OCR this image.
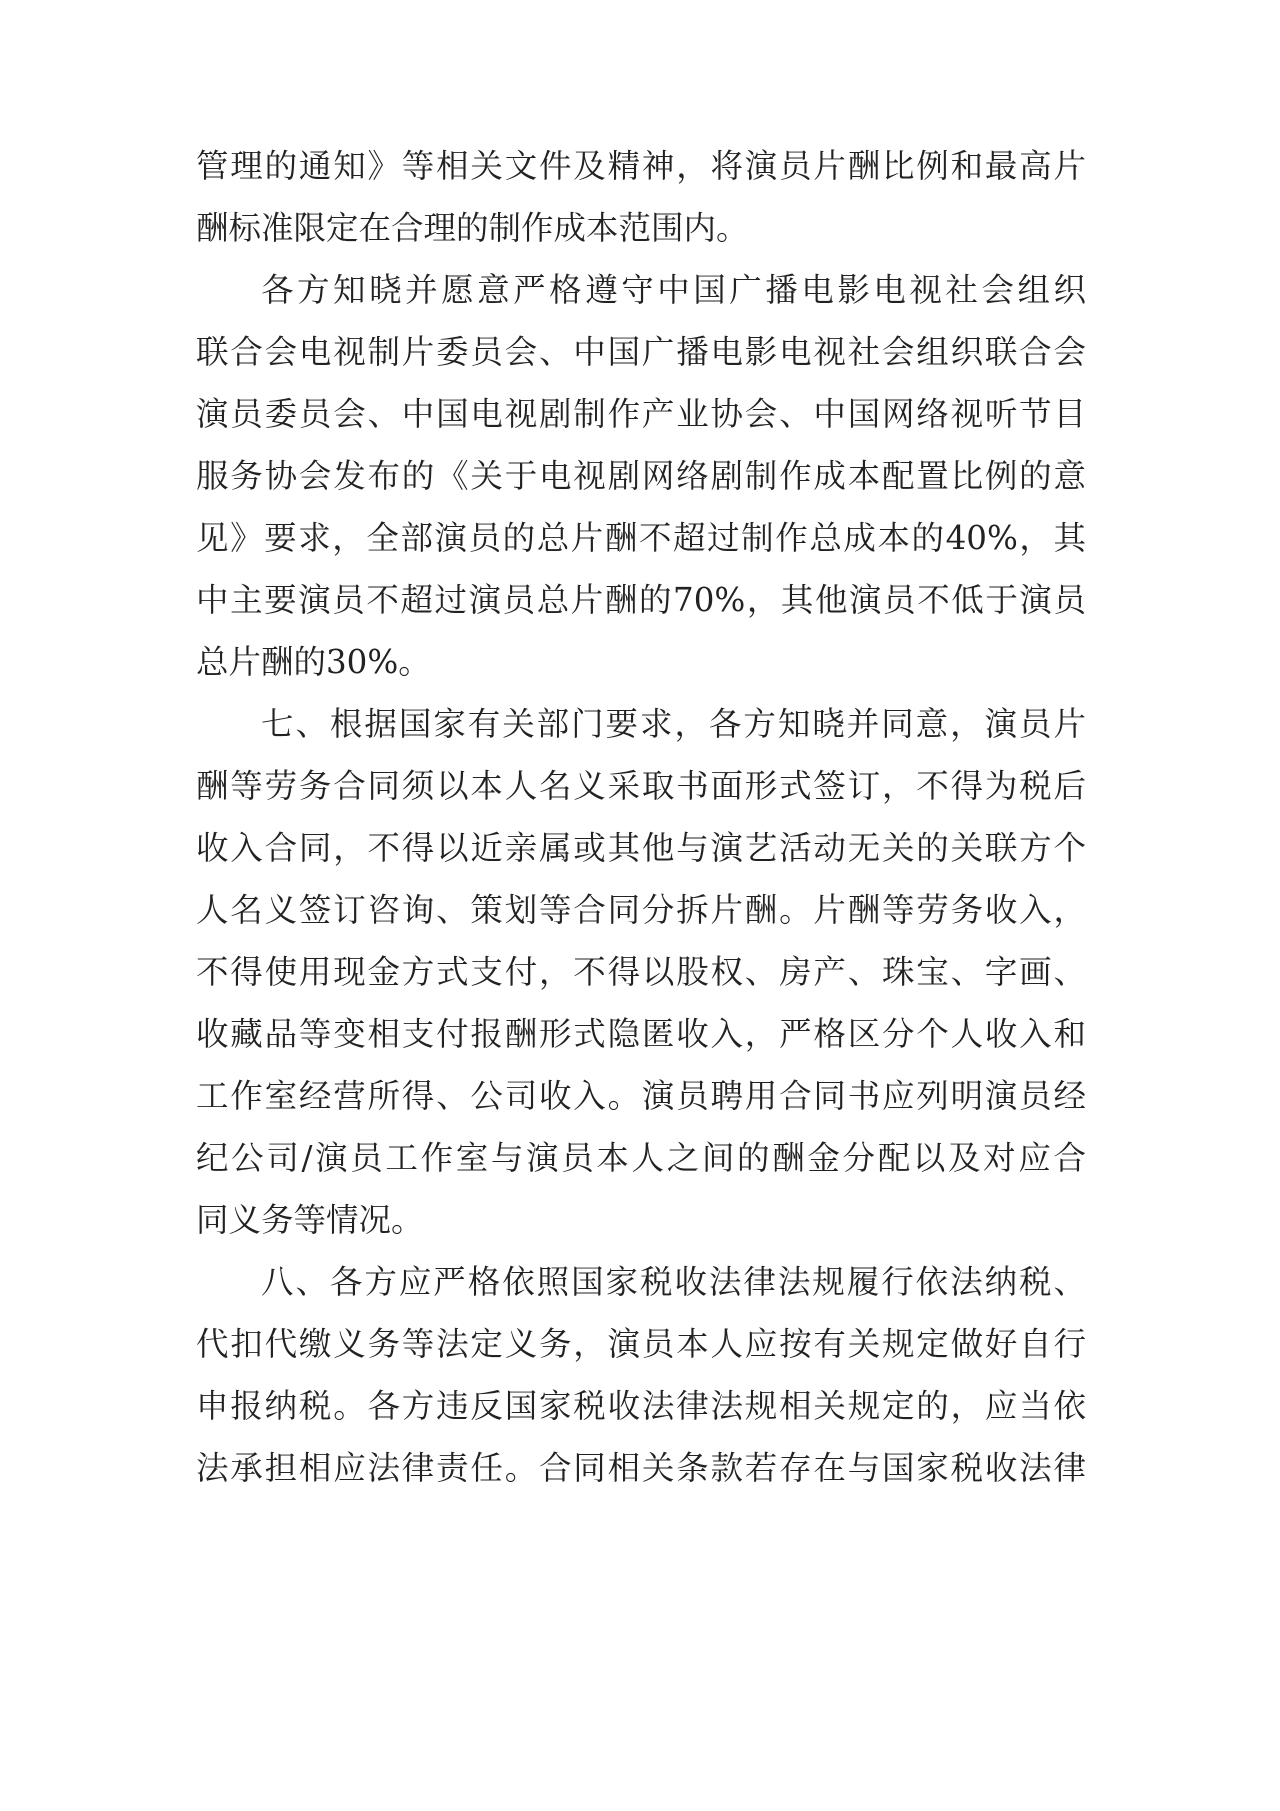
管理的通知》等相关文件及精神，将演员片酬比例和最高片
酬标准限定在合理的制作成本范围内。
各方知晓并愿意严格遵守中国广播电影电视社会组织
联合会电视制片委员会、中国广播电影电视社会组织联合会
演员委员会、中国电视剧制作产业协会、中国网络视听节目
服务协会发布的《关于电视剧网络剧制作成本配置比例的意
见》要求，全部演员的总片酬不超过制作总成本的40%，其
中主要演员不超过演员总片酬的70%，其他演员不低于演员
总片酬的30%。
七、根据国家有关部门要求，各方知晓并同意，演员片
酬等劳务合同须以本人名义采取书面形式签订，不得为税后
收入合同，不得以近亲属或其他与演艺活动无关的关联方个
人名义签订咨询、策划等合同分拆片酬。片酬等劳务收入，
不得使用现金方式支付，不得以股权、房产、珠宝、字画、
收藏品等变相支付报酬形式隐匿收入，严格区分个人收入和
工作室经营所得、公司收入。演员聘用合同书应列明演员经
纪公司/演员工作室与演员本人之间的酬金分配以及对应合
同义务等情况。
八、各方应严格依照国家税收法律法规履行依法纳税、
代扣代缴义务等法定义务，演员本人应按有关规定做好自行
申报纳税。各方违反国家税收法律法规相关规定的，应当依
法承担相应法律责任。合同相关条款若存在与国家税收法律
